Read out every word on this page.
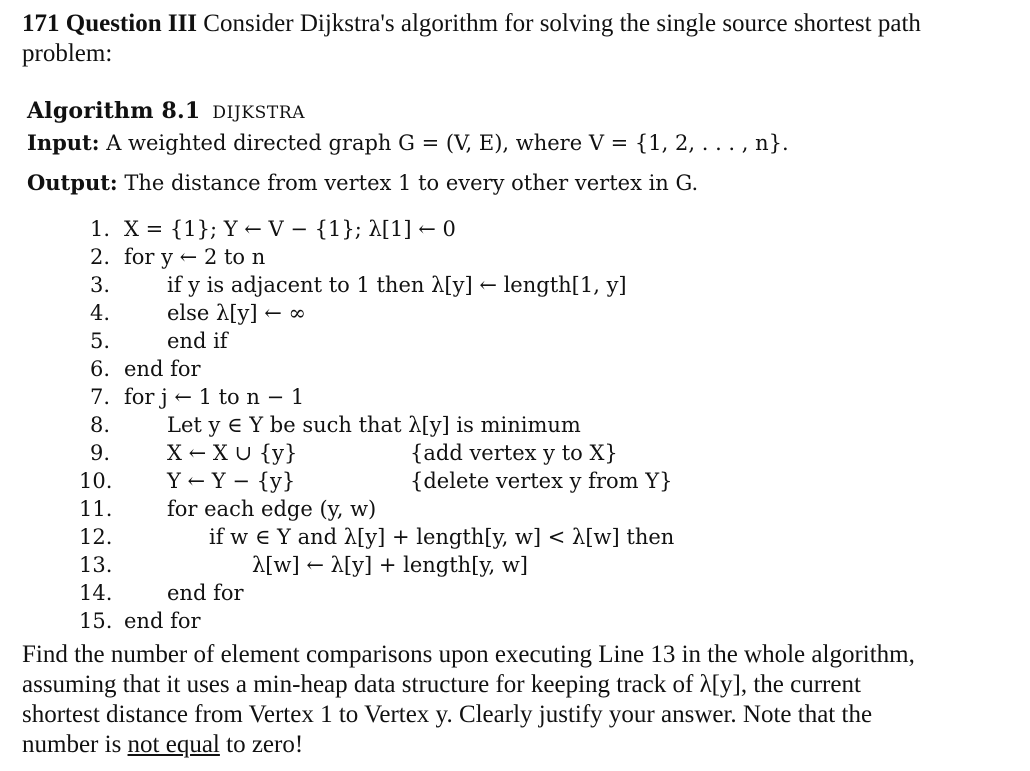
171 Question III Consider Dijkstra's algorithm for solving the single source shortest path
problem:
Algorithm 8.1 DIJKSTRA
Input: A weighted directed graph G = (V, E), where V = {1, 2, . . . , n}.
Output: The distance from vertex 1 to every other vertex in G.
1. X = {1}; Y ← V − {1}; λ[1] ← 0
2. for y ← 2 to n
3.	if y is adjacent to 1 then λ[y] ← length[1, y]
4.	else λ[y] ← ∞
5.	end if
6. end for
7. for j ← 1 to n − 1
8.	Let y ∈ Y be such that λ[y] is minimum
9.	X ← X ∪ {y}	{add vertex y to X}
10.	Y ← Y − {y}	{delete vertex y from Y}
11.	for each edge (y, w)
12.	if w ∈ Y and λ[y] + length[y, w] < λ[w] then
13.	λ[w] ← λ[y] + length[y, w]
14.	end for
15. end for
Find the number of element comparisons upon executing Line 13 in the whole algorithm,
assuming that it uses a min-heap data structure for keeping track of λ[y], the current
shortest distance from Vertex 1 to Vertex y. Clearly justify your answer. Note that the
number is not equal to zero!
